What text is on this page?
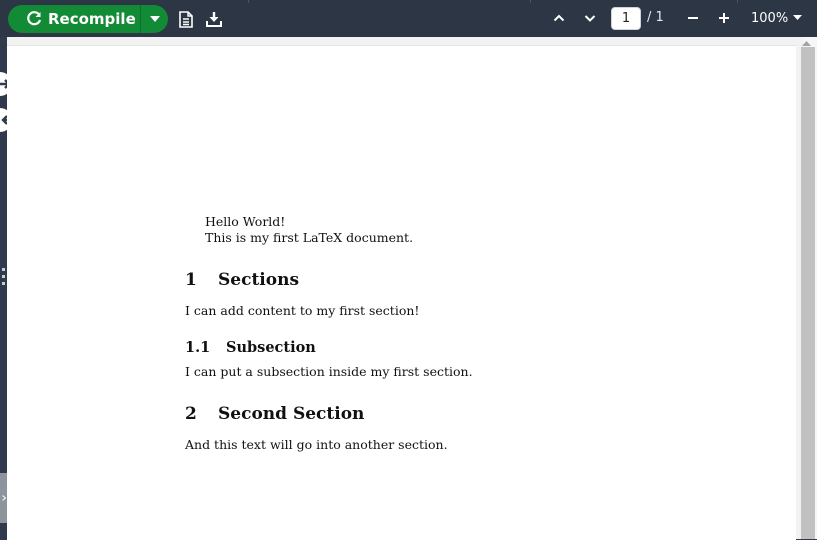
Recompile	1	/ 1	100%
Hello World!
This is my first LaTeX document.
1 Sections
I can add content to my first section!
1.1 Subsection
I can put a subsection inside my first section.
2 Second Section
And this text will go into another section.
